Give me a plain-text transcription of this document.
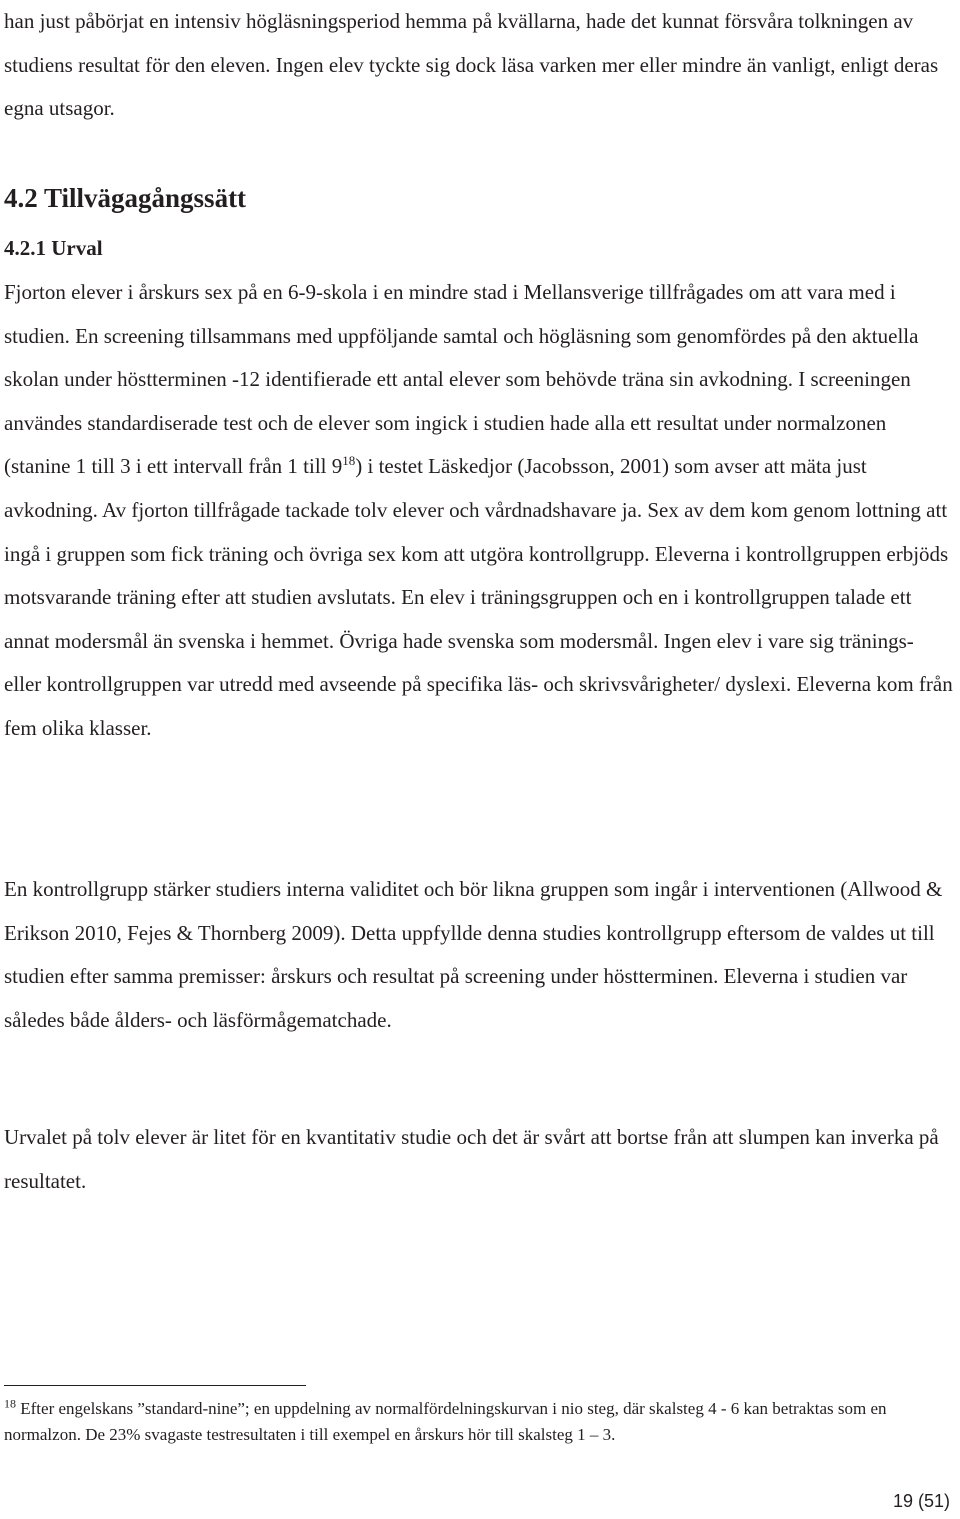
han just påbörjat en intensiv högläsningsperiod hemma på kvällarna, hade det kunnat försvåra tolkningen av studiens resultat för den eleven. Ingen elev tyckte sig dock läsa varken mer eller mindre än vanligt, enligt deras egna utsagor.

4.2 Tillvägagångssätt
4.2.1 Urval

Fjorton elever i årskurs sex på en 6-9-skola i en mindre stad i Mellansverige tillfrågades om att vara med i studien. En screening tillsammans med uppföljande samtal och högläsning som genomfördes på den aktuella skolan under höstterminen -12 identifierade ett antal elever som behövde träna sin avkodning. I screeningen användes standardiserade test och de elever som ingick i studien hade alla ett resultat under normalzonen (stanine 1 till 3 i ett intervall från 1 till $9^{18}$) i testet Läskedjor (Jacobsson, 2001) som avser att mäta just avkodning. Av fjorton tillfrågade tackade tolv elever och vårdnadshavare ja. Sex av dem kom genom lottning att ingå i gruppen som fick träning och övriga sex kom att utgöra kontrollgrupp. Eleverna i kontrollgruppen erbjöds motsvarande träning efter att studien avslutats. En elev i träningsgruppen och en i kontrollgruppen talade ett annat modersmål än svenska i hemmet. Övriga hade svenska som modersmål. Ingen elev i vare sig tränings- eller kontrollgruppen var utredd med avseende på specifika läs- och skrivsvårigheter/ dyslexi. Eleverna kom från fem olika klasser.

En kontrollgrupp stärker studiers interna validitet och bör likna gruppen som ingår i interventionen (Allwood & Erikson 2010, Fejes & Thornberg 2009). Detta uppfyllde denna studies kontrollgrupp eftersom de valdes ut till studien efter samma premisser: årskurs och resultat på screening under höstterminen. Eleverna i studien var således både ålders- och läsförmågematchade.

Urvalet på tolv elever är litet för en kvantitativ studie och det är svårt att bortse från att slumpen kan inverka på resultatet.

$^{18}$ Efter engelskans ”standard-nine”; en uppdelning av normalfördelningskurvan i nio steg, där skalsteg 4 - 6 kan betraktas som en normalzon. De 23% svagaste testresultaten i till exempel en årskurs hör till skalsteg 1 – 3.

19 (51)
